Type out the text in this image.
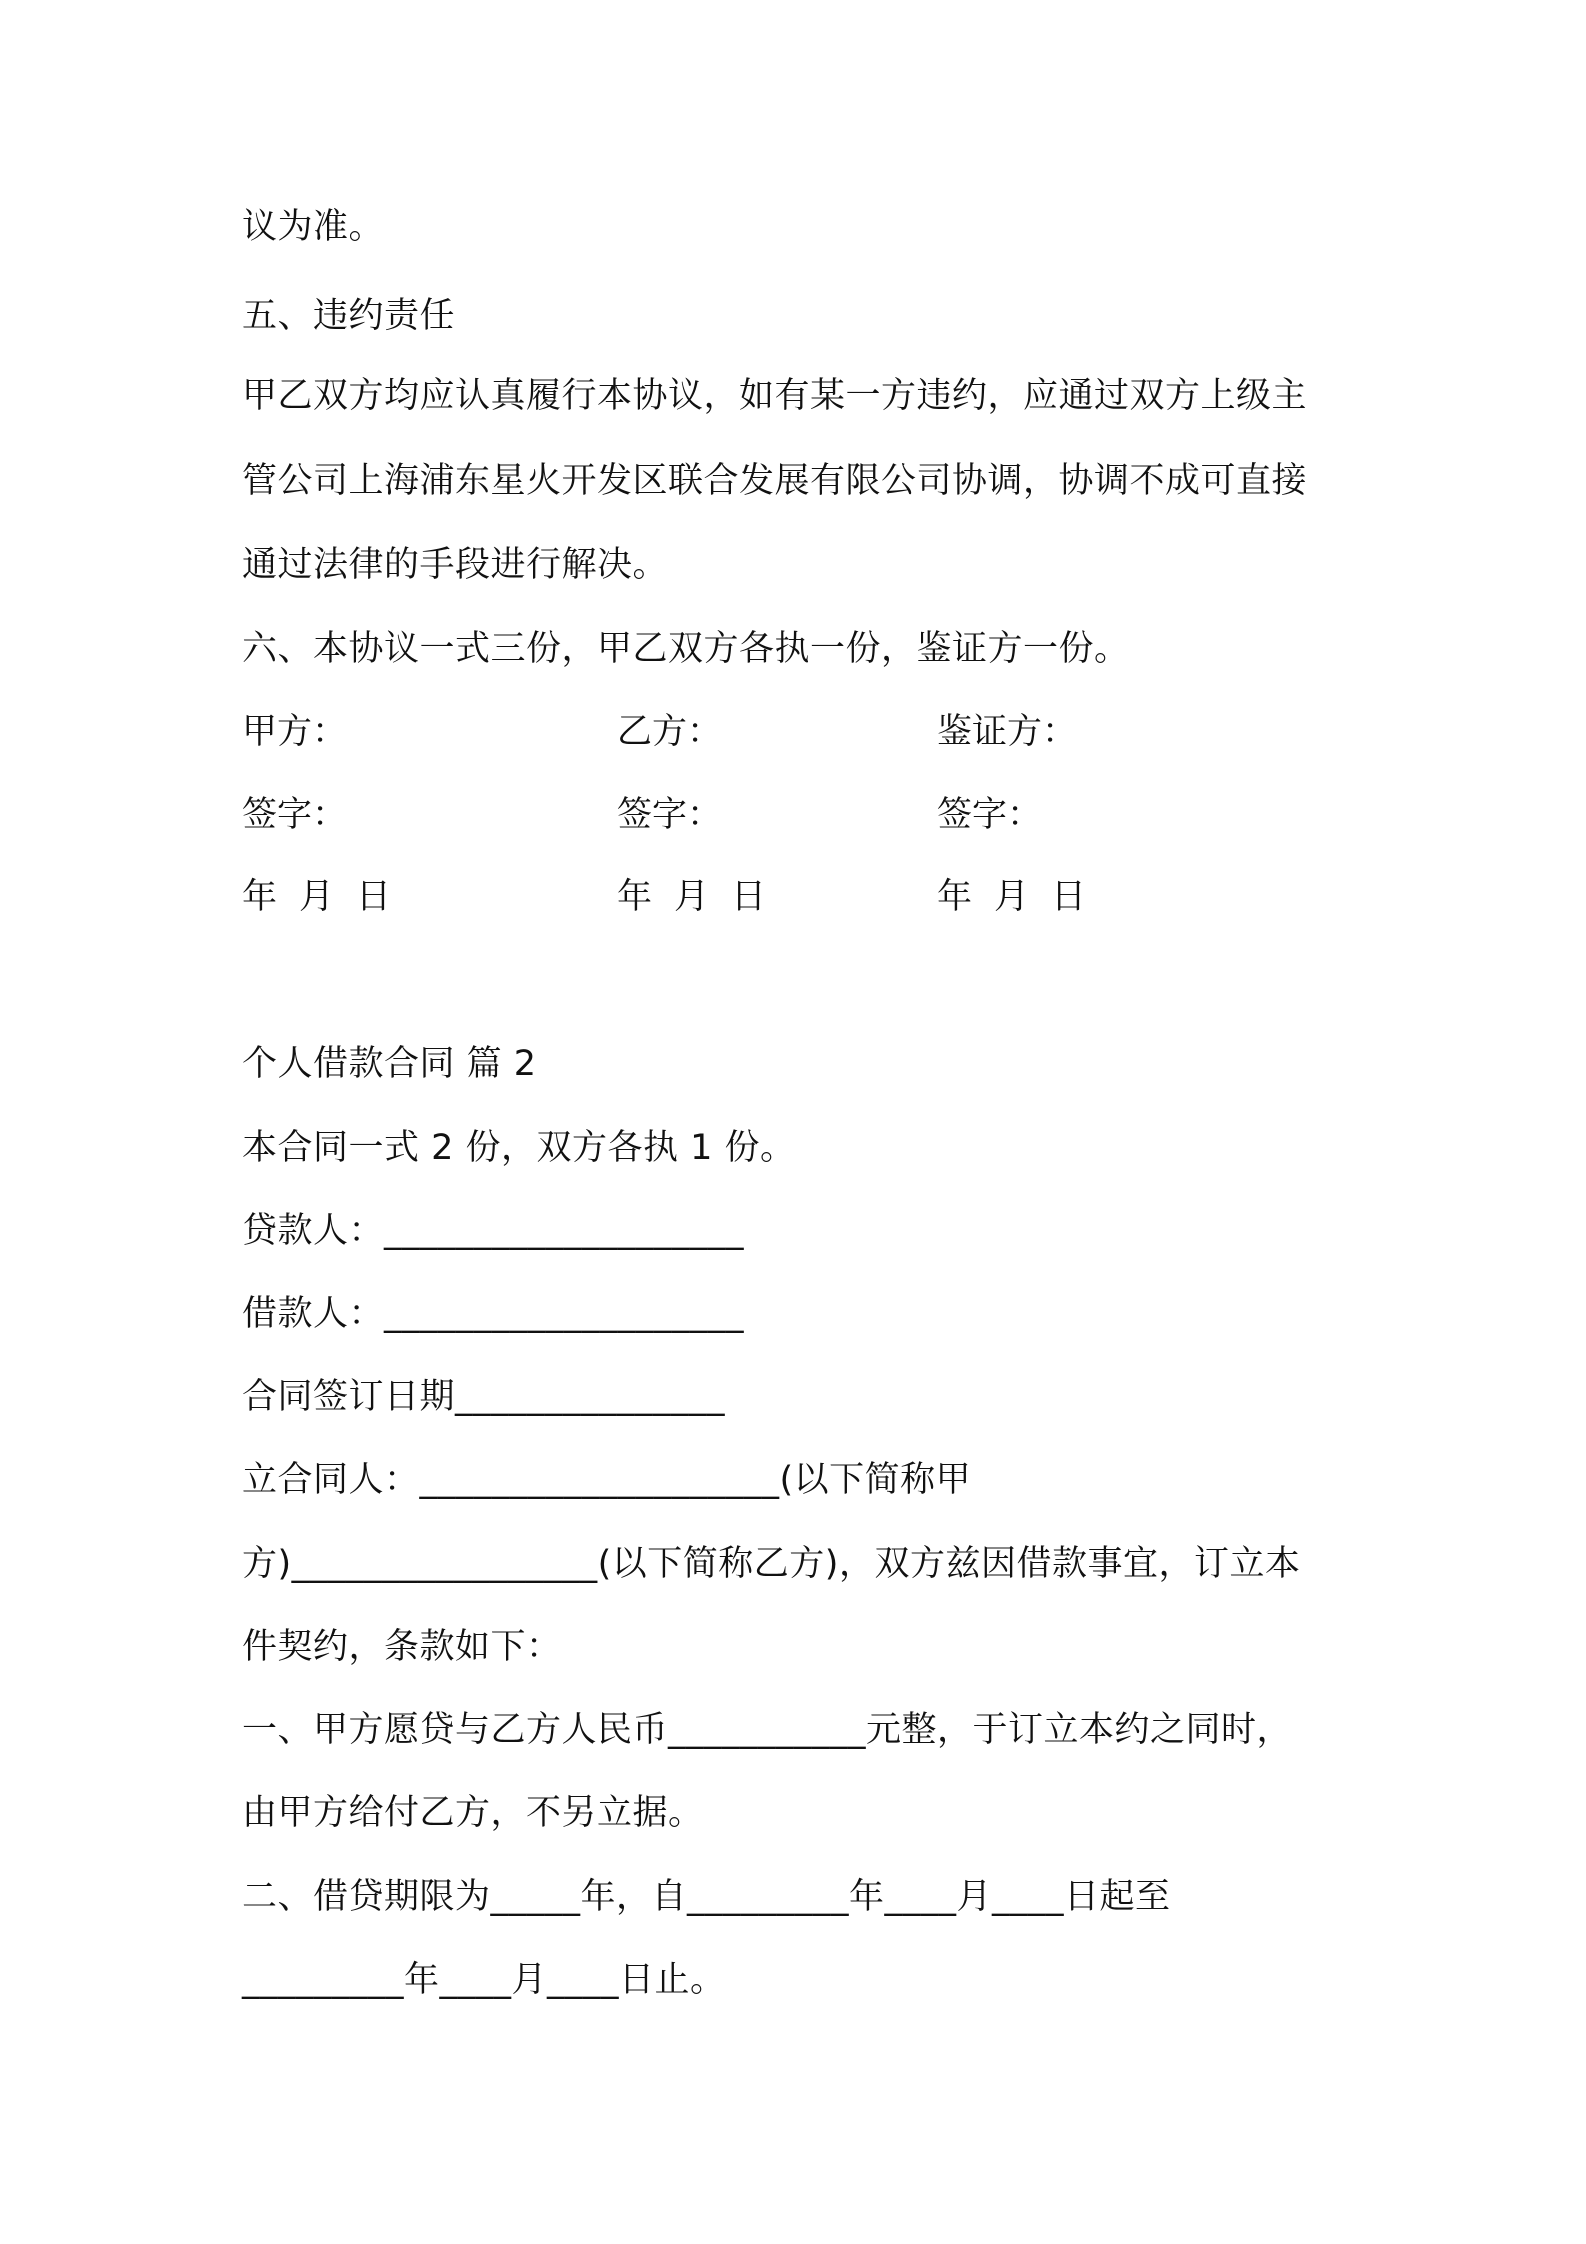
议为准。
五、违约责任
甲乙双方均应认真履行本协议，如有某一方违约，应通过双方上级主
管公司上海浦东星火开发区联合发展有限公司协调，协调不成可直接
通过法律的手段进行解决。
六、本协议一式三份，甲乙双方各执一份，鉴证方一份。
甲方：	乙方：	鉴证方：
签字：	签字：	签字：
年 月 日	年 月 日	年 月 日
个人借款合同 篇 2
本合同一式 2 份，双方各执 1 份。
贷款人：____________________
借款人：____________________
合同签订日期_______________
立合同人：____________________(以下简称甲
方)_________________(以下简称乙方)，双方兹因借款事宜，订立本
件契约，条款如下：
一、甲方愿贷与乙方人民币___________元整，于订立本约之同时，
由甲方给付乙方，不另立据。
二、借贷期限为_____年，自_________年____月____日起至
_________年____月____日止。
